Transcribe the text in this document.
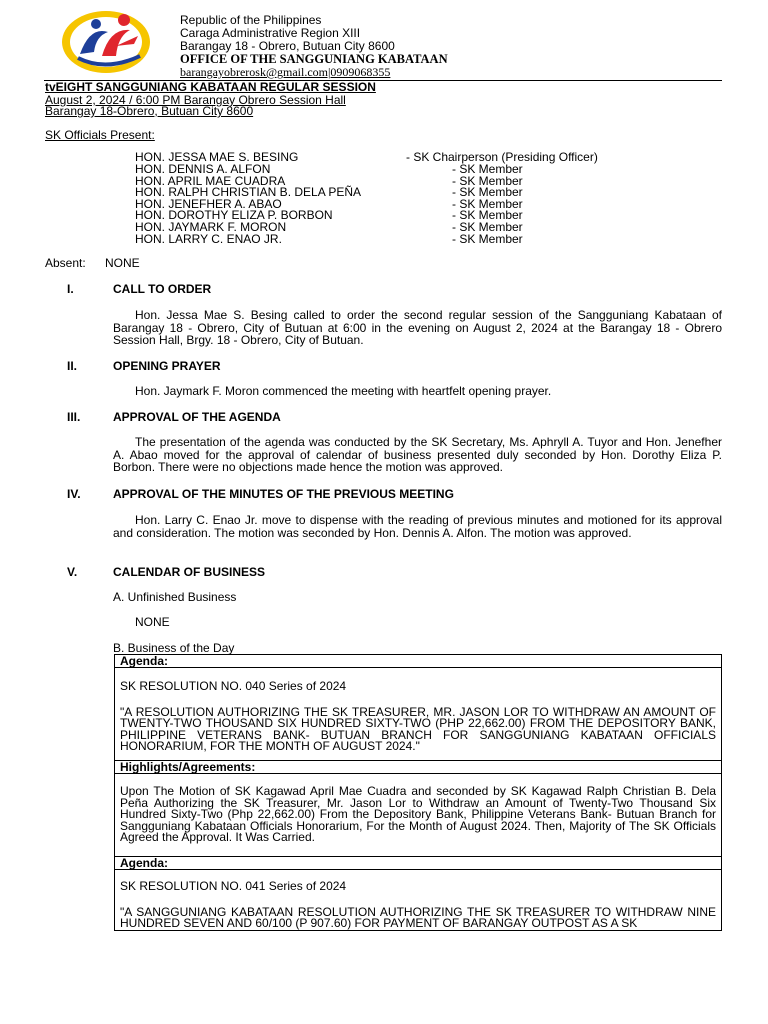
Republic of the Philippines
Caraga Administrative Region XIII
Barangay 18 - Obrero, Butuan City 8600
OFFICE OF THE SANGGUNIANG KABATAAN
barangayobrerosk@gmail.com|0909068355
tvEIGHT SANGGUNIANG KABATAAN REGULAR SESSION
August 2, 2024 / 6:00 PM Barangay Obrero Session Hall
Barangay 18-Obrero, Butuan City 8600
SK Officials Present:
HON. JESSA MAE S. BESING	- SK Chairperson (Presiding Officer)
HON. DENNIS A. ALFON	- SK Member
HON. APRIL MAE CUADRA	- SK Member
HON. RALPH CHRISTIAN B. DELA PEÑA	- SK Member
HON. JENEFHER A. ABAO	- SK Member
HON. DOROTHY ELIZA P. BORBON	- SK Member
HON. JAYMARK F. MORON	- SK Member
HON. LARRY C. ENAO JR.	- SK Member
Absent: NONE
I.	CALL TO ORDER
Hon. Jessa Mae S. Besing called to order the second regular session of the Sangguniang Kabataan of Barangay 18 - Obrero, City of Butuan at 6:00 in the evening on August 2, 2024 at the Barangay 18 - Obrero Session Hall, Brgy. 18 - Obrero, City of Butuan.
II.	OPENING PRAYER
Hon. Jaymark F. Moron commenced the meeting with heartfelt opening prayer.
III.	APPROVAL OF THE AGENDA
The presentation of the agenda was conducted by the SK Secretary, Ms. Aphryll A. Tuyor and Hon. Jenefher A. Abao moved for the approval of calendar of business presented duly seconded by Hon. Dorothy Eliza P. Borbon. There were no objections made hence the motion was approved.
IV.	APPROVAL OF THE MINUTES OF THE PREVIOUS MEETING
Hon. Larry C. Enao Jr. move to dispense with the reading of previous minutes and motioned for its approval and consideration. The motion was seconded by Hon. Dennis A. Alfon. The motion was approved.
V.	CALENDAR OF BUSINESS
A. Unfinished Business
NONE
B. Business of the Day
Agenda:

SK RESOLUTION NO. 040 Series of 2024

"A RESOLUTION AUTHORIZING THE SK TREASURER, MR. JASON LOR TO WITHDRAW AN AMOUNT OF TWENTY-TWO THOUSAND SIX HUNDRED SIXTY-TWO (PHP 22,662.00) FROM THE DEPOSITORY BANK, PHILIPPINE VETERANS BANK- BUTUAN BRANCH FOR SANGGUNIANG KABATAAN OFFICIALS HONORARIUM, FOR THE MONTH OF AUGUST 2024."

Highlights/Agreements:

Upon The Motion of SK Kagawad April Mae Cuadra and seconded by SK Kagawad Ralph Christian B. Dela Peña Authorizing the SK Treasurer, Mr. Jason Lor to Withdraw an Amount of Twenty-Two Thousand Six Hundred Sixty-Two (Php 22,662.00) From the Depository Bank, Philippine Veterans Bank- Butuan Branch for Sangguniang Kabataan Officials Honorarium, For the Month of August 2024. Then, Majority of The SK Officials Agreed the Approval. It Was Carried.

Agenda:

SK RESOLUTION NO. 041 Series of 2024

"A SANGGUNIANG KABATAAN RESOLUTION AUTHORIZING THE SK TREASURER TO WITHDRAW NINE HUNDRED SEVEN AND 60/100 (P 907.60) FOR PAYMENT OF BARANGAY OUTPOST AS A SK
